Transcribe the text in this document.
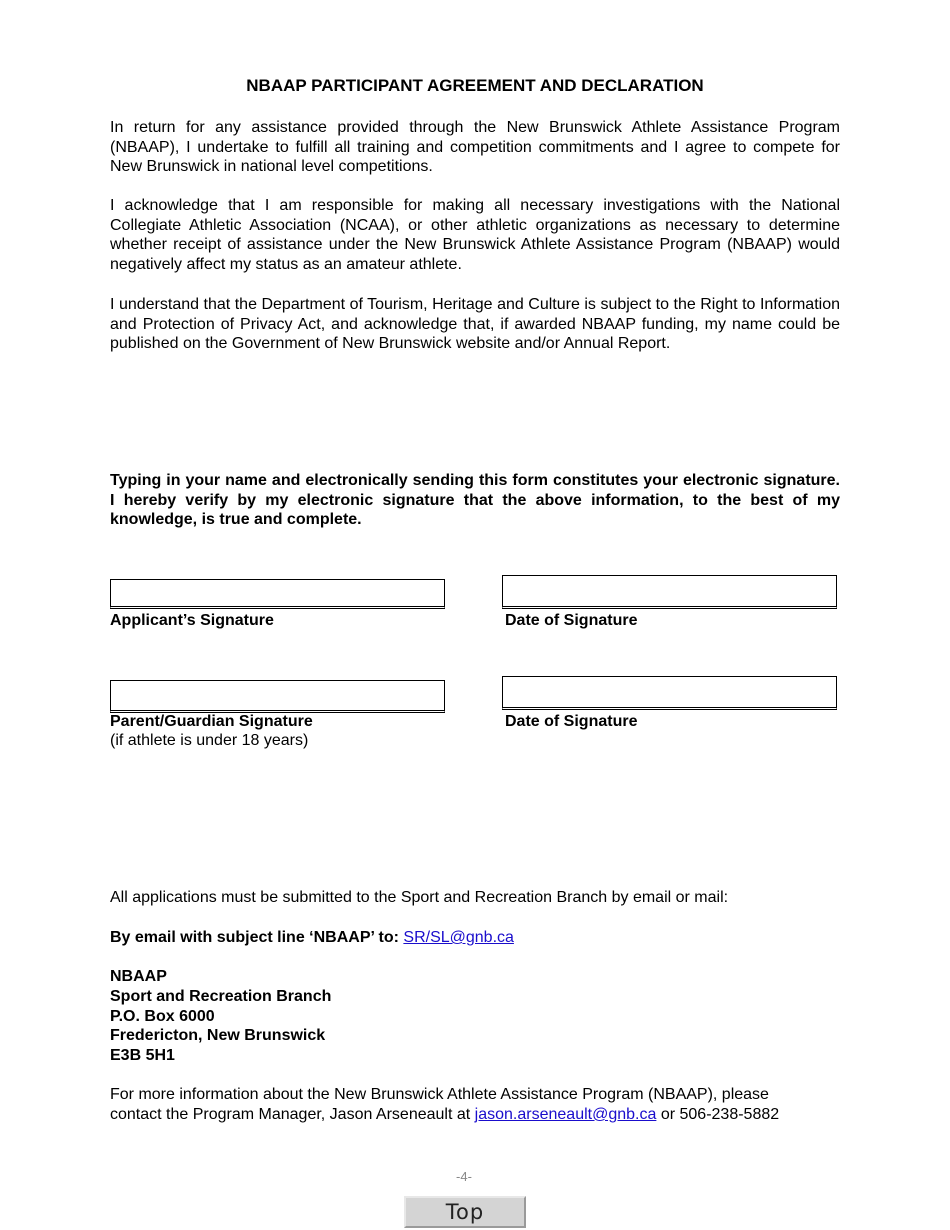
NBAAP PARTICIPANT AGREEMENT AND DECLARATION

In return for any assistance provided through the New Brunswick Athlete Assistance Program (NBAAP), I undertake to fulfill all training and competition commitments and I agree to compete for New Brunswick in national level competitions.

I acknowledge that I am responsible for making all necessary investigations with the National Collegiate Athletic Association (NCAA), or other athletic organizations as necessary to determine whether receipt of assistance under the New Brunswick Athlete Assistance Program (NBAAP) would negatively affect my status as an amateur athlete.

I understand that the Department of Tourism, Heritage and Culture is subject to the Right to Information and Protection of Privacy Act, and acknowledge that, if awarded NBAAP funding, my name could be published on the Government of New Brunswick website and/or Annual Report.

Typing in your name and electronically sending this form constitutes your electronic signature. I hereby verify by my electronic signature that the above information, to the best of my knowledge, is true and complete.

Applicant’s Signature	Date of Signature

Parent/Guardian Signature

(if athlete is under 18 years)

Date of Signature

All applications must be submitted to the Sport and Recreation Branch by email or mail:

By email with subject line ‘NBAAP’ to: SR/SL@gnb.ca

NBAAP

Sport and Recreation Branch

P.O. Box 6000

Fredericton, New Brunswick

E3B 5H1

For more information about the New Brunswick Athlete Assistance Program (NBAAP), please

contact the Program Manager, Jason Arseneault at jason.arseneault@gnb.ca or 506-238-5882

-4-
Top
